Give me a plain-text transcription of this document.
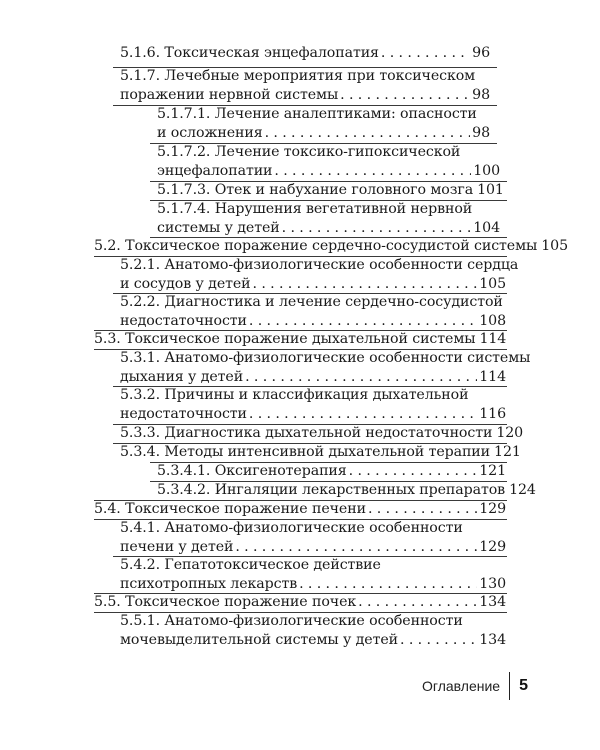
5.1.6. Токсическая энцефалопатия . . .	96
5.1.7. Лечебные мероприятия при токсическом
поражении нервной системы . . .	98
5.1.7.1. Лечение аналептиками: опасности
и осложнения . . .	98
5.1.7.2. Лечение токсико-гипоксической
энцефалопатии . . .	100
5.1.7.3. Отек и набухание головного мозга 101
5.1.7.4. Нарушения вегетативной нервной
системы у детей . . .	104
5.2. Токсическое поражение сердечно-сосудистой системы 105
5.2.1. Анатомо-физиологические особенности сердца
и сосудов у детей . . .	105
5.2.2. Диагностика и лечение сердечно-сосудистой
недостаточности . . .	108
5.3. Токсическое поражение дыхательной системы 114
5.3.1. Анатомо-физиологические особенности системы
дыхания у детей . . .	114
5.3.2. Причины и классификация дыхательной
недостаточности . . .	116
5.3.3. Диагностика дыхательной недостаточности 120
5.3.4. Методы интенсивной дыхательной терапии 121
5.3.4.1. Оксигенотерапия . . .	121
5.3.4.2. Ингаляции лекарственных препаратов 124
5.4. Токсическое поражение печени . . .	129
5.4.1. Анатомо-физиологические особенности
печени у детей . . .	129
5.4.2. Гепатотоксическое действие
психотропных лекарств . . .	130
5.5. Токсическое поражение почек . . .	134
5.5.1. Анатомо-физиологические особенности
мочевыделительной системы у детей . . .	134
Оглавление 5
